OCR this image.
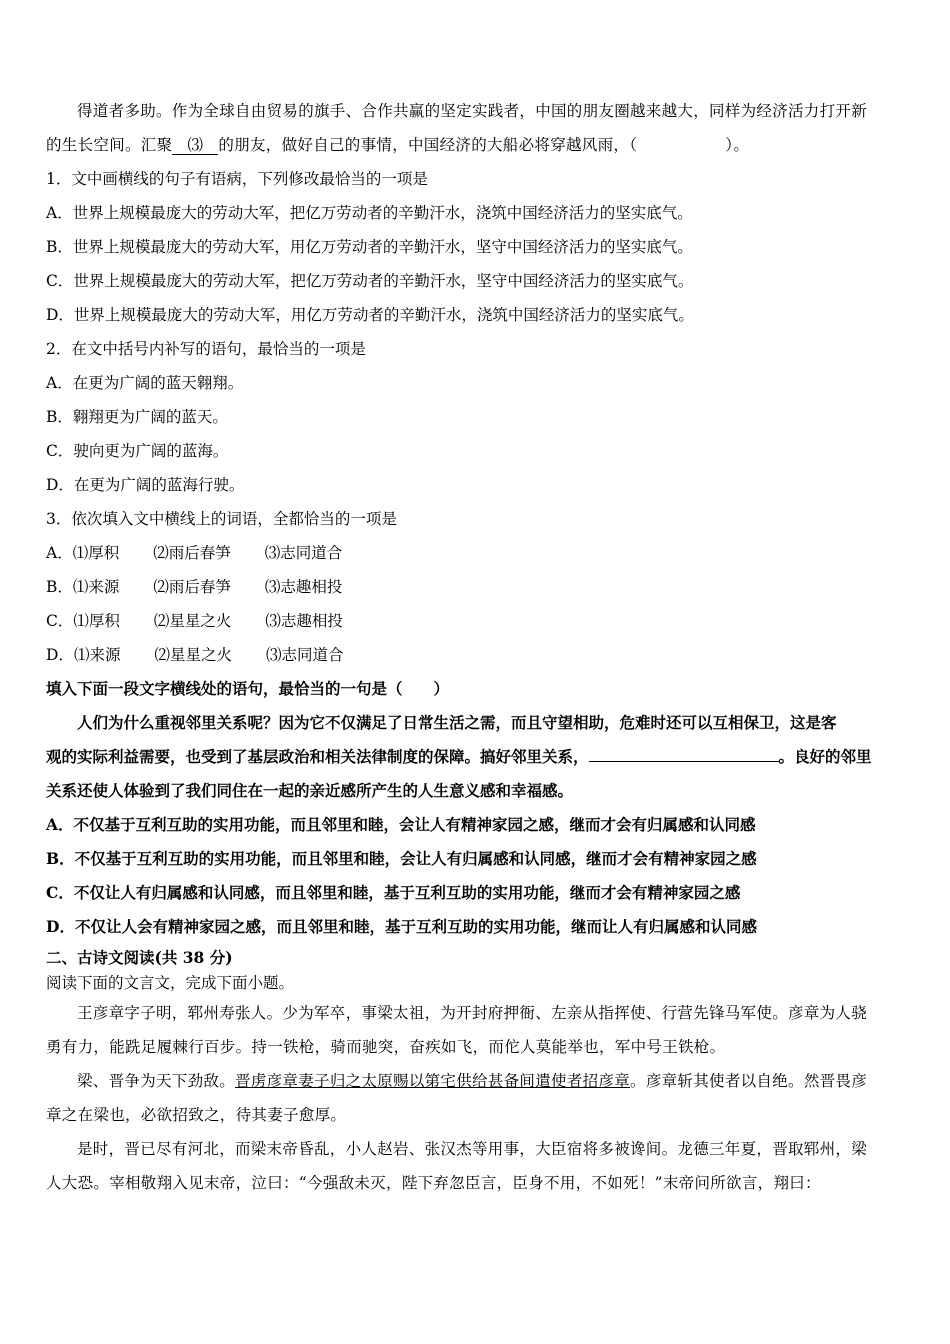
得道者多助。作为全球自由贸易的旗手、合作共赢的坚定实践者，中国的朋友圈越来越大，同样为经济活力打开新
的生长空间。汇聚 ⑶ 的朋友，做好自己的事情，中国经济的大船必将穿越风雨，（	）。
1．文中画横线的句子有语病，下列修改最恰当的一项是
A．世界上规模最庞大的劳动大军，把亿万劳动者的辛勤汗水，浇筑中国经济活力的坚实底气。
B．世界上规模最庞大的劳动大军，用亿万劳动者的辛勤汗水，坚守中国经济活力的坚实底气。
C．世界上规模最庞大的劳动大军，把亿万劳动者的辛勤汗水，坚守中国经济活力的坚实底气。
D．世界上规模最庞大的劳动大军，用亿万劳动者的辛勤汗水，浇筑中国经济活力的坚实底气。
2．在文中括号内补写的语句，最恰当的一项是
A．在更为广阔的蓝天翱翔。
B．翱翔更为广阔的蓝天。
C．驶向更为广阔的蓝海。
D．在更为广阔的蓝海行驶。
3．依次填入文中横线上的词语，全都恰当的一项是
A．⑴厚积 ⑵雨后春笋 ⑶志同道合
B．⑴来源 ⑵雨后春笋 ⑶志趣相投
C．⑴厚积 ⑵星星之火 ⑶志趣相投
D．⑴来源 ⑵星星之火 ⑶志同道合
填入下面一段文字横线处的语句，最恰当的一句是（　　）
人们为什么重视邻里关系呢？因为它不仅满足了日常生活之需，而且守望相助，危难时还可以互相保卫，这是客
观的实际利益需要，也受到了基层政治和相关法律制度的保障。搞好邻里关系，	。良好的邻里
关系还使人体验到了我们同住在一起的亲近感所产生的人生意义感和幸福感。
A．不仅基于互利互助的实用功能，而且邻里和睦，会让人有精神家园之感，继而才会有归属感和认同感
B．不仅基于互利互助的实用功能，而且邻里和睦，会让人有归属感和认同感，继而才会有精神家园之感
C．不仅让人有归属感和认同感，而且邻里和睦，基于互利互助的实用功能，继而才会有精神家园之感
D．不仅让人会有精神家园之感，而且邻里和睦，基于互利互助的实用功能，继而让人有归属感和认同感
二、古诗文阅读(共 38 分)
阅读下面的文言文，完成下面小题。
王彦章字子明，郓州寿张人。少为军卒，事梁太祖，为开封府押衙、左亲从指挥使、行营先锋马军使。彦章为人骁
勇有力，能跣足履棘行百步。持一铁枪，骑而驰突，奋疾如飞，而佗人莫能举也，军中号王铁枪。
梁、晋争为天下劲敌。晋虏彦章妻子归之太原赐以第宅供给甚备间遣使者招彦章。彦章斩其使者以自绝。然晋畏彦
章之在梁也，必欲招致之，待其妻子愈厚。
是时，晋已尽有河北，而梁末帝昏乱，小人赵岩、张汉杰等用事，大臣宿将多被谗间。龙德三年夏，晋取郓州，梁
人大恐。宰相敬翔入见末帝，泣曰：“今强敌未灭，陛下弃忽臣言，臣身不用，不如死！”末帝问所欲言，翔曰：
